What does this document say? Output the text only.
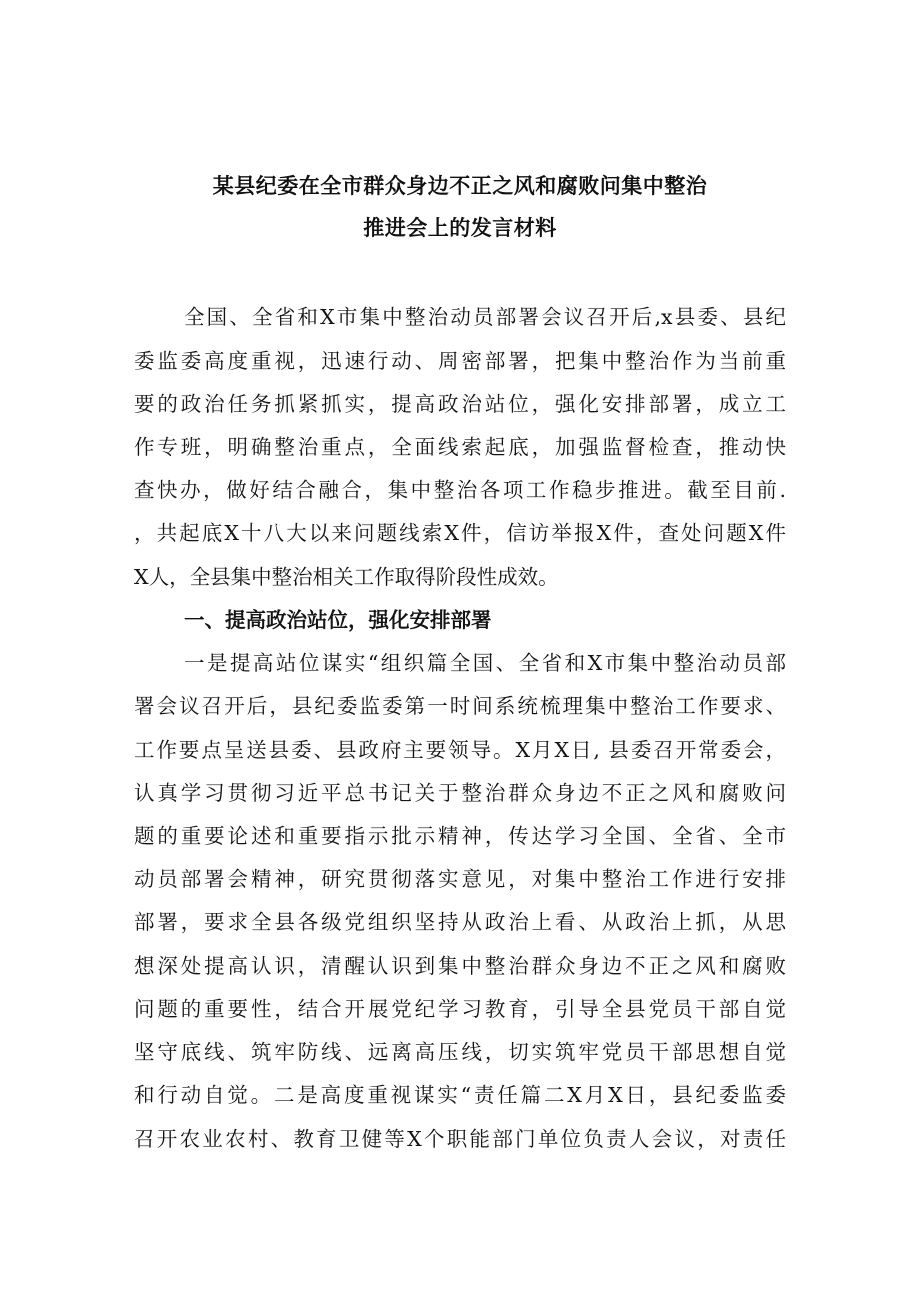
某县纪委在全市群众身边不正之风和腐败问集中整治
推进会上的发言材料
全国、全省和X市集中整治动员部署会议召开后,x县委、县纪
委监委高度重视，迅速行动、周密部署，把集中整治作为当前重
要的政治任务抓紧抓实，提高政治站位，强化安排部署，成立工
作专班，明确整治重点，全面线索起底，加强监督检查，推动快
查快办，做好结合融合，集中整治各项工作稳步推进。截至目前.
，共起底X十八大以来问题线索X件，信访举报X件，查处问题X件
X人，全县集中整治相关工作取得阶段性成效。
一、提高政治站位，强化安排部署
一是提高站位谋实“组织篇全国、全省和X市集中整治动员部
署会议召开后，县纪委监委第一时间系统梳理集中整治工作要求、
工作要点呈送县委、县政府主要领导。X月X日, 县委召开常委会，
认真学习贯彻习近平总书记关于整治群众身边不正之风和腐败问
题的重要论述和重要指示批示精神，传达学习全国、全省、全市
动员部署会精神，研究贯彻落实意见，对集中整治工作进行安排
部署，要求全县各级党组织坚持从政治上看、从政治上抓，从思
想深处提高认识，清醒认识到集中整治群众身边不正之风和腐败
问题的重要性，结合开展党纪学习教育，引导全县党员干部自觉
坚守底线、筑牢防线、远离高压线，切实筑牢党员干部思想自觉
和行动自觉。二是高度重视谋实“责任篇二X月X日，县纪委监委
召开农业农村、教育卫健等X个职能部门单位负责人会议，对责任
